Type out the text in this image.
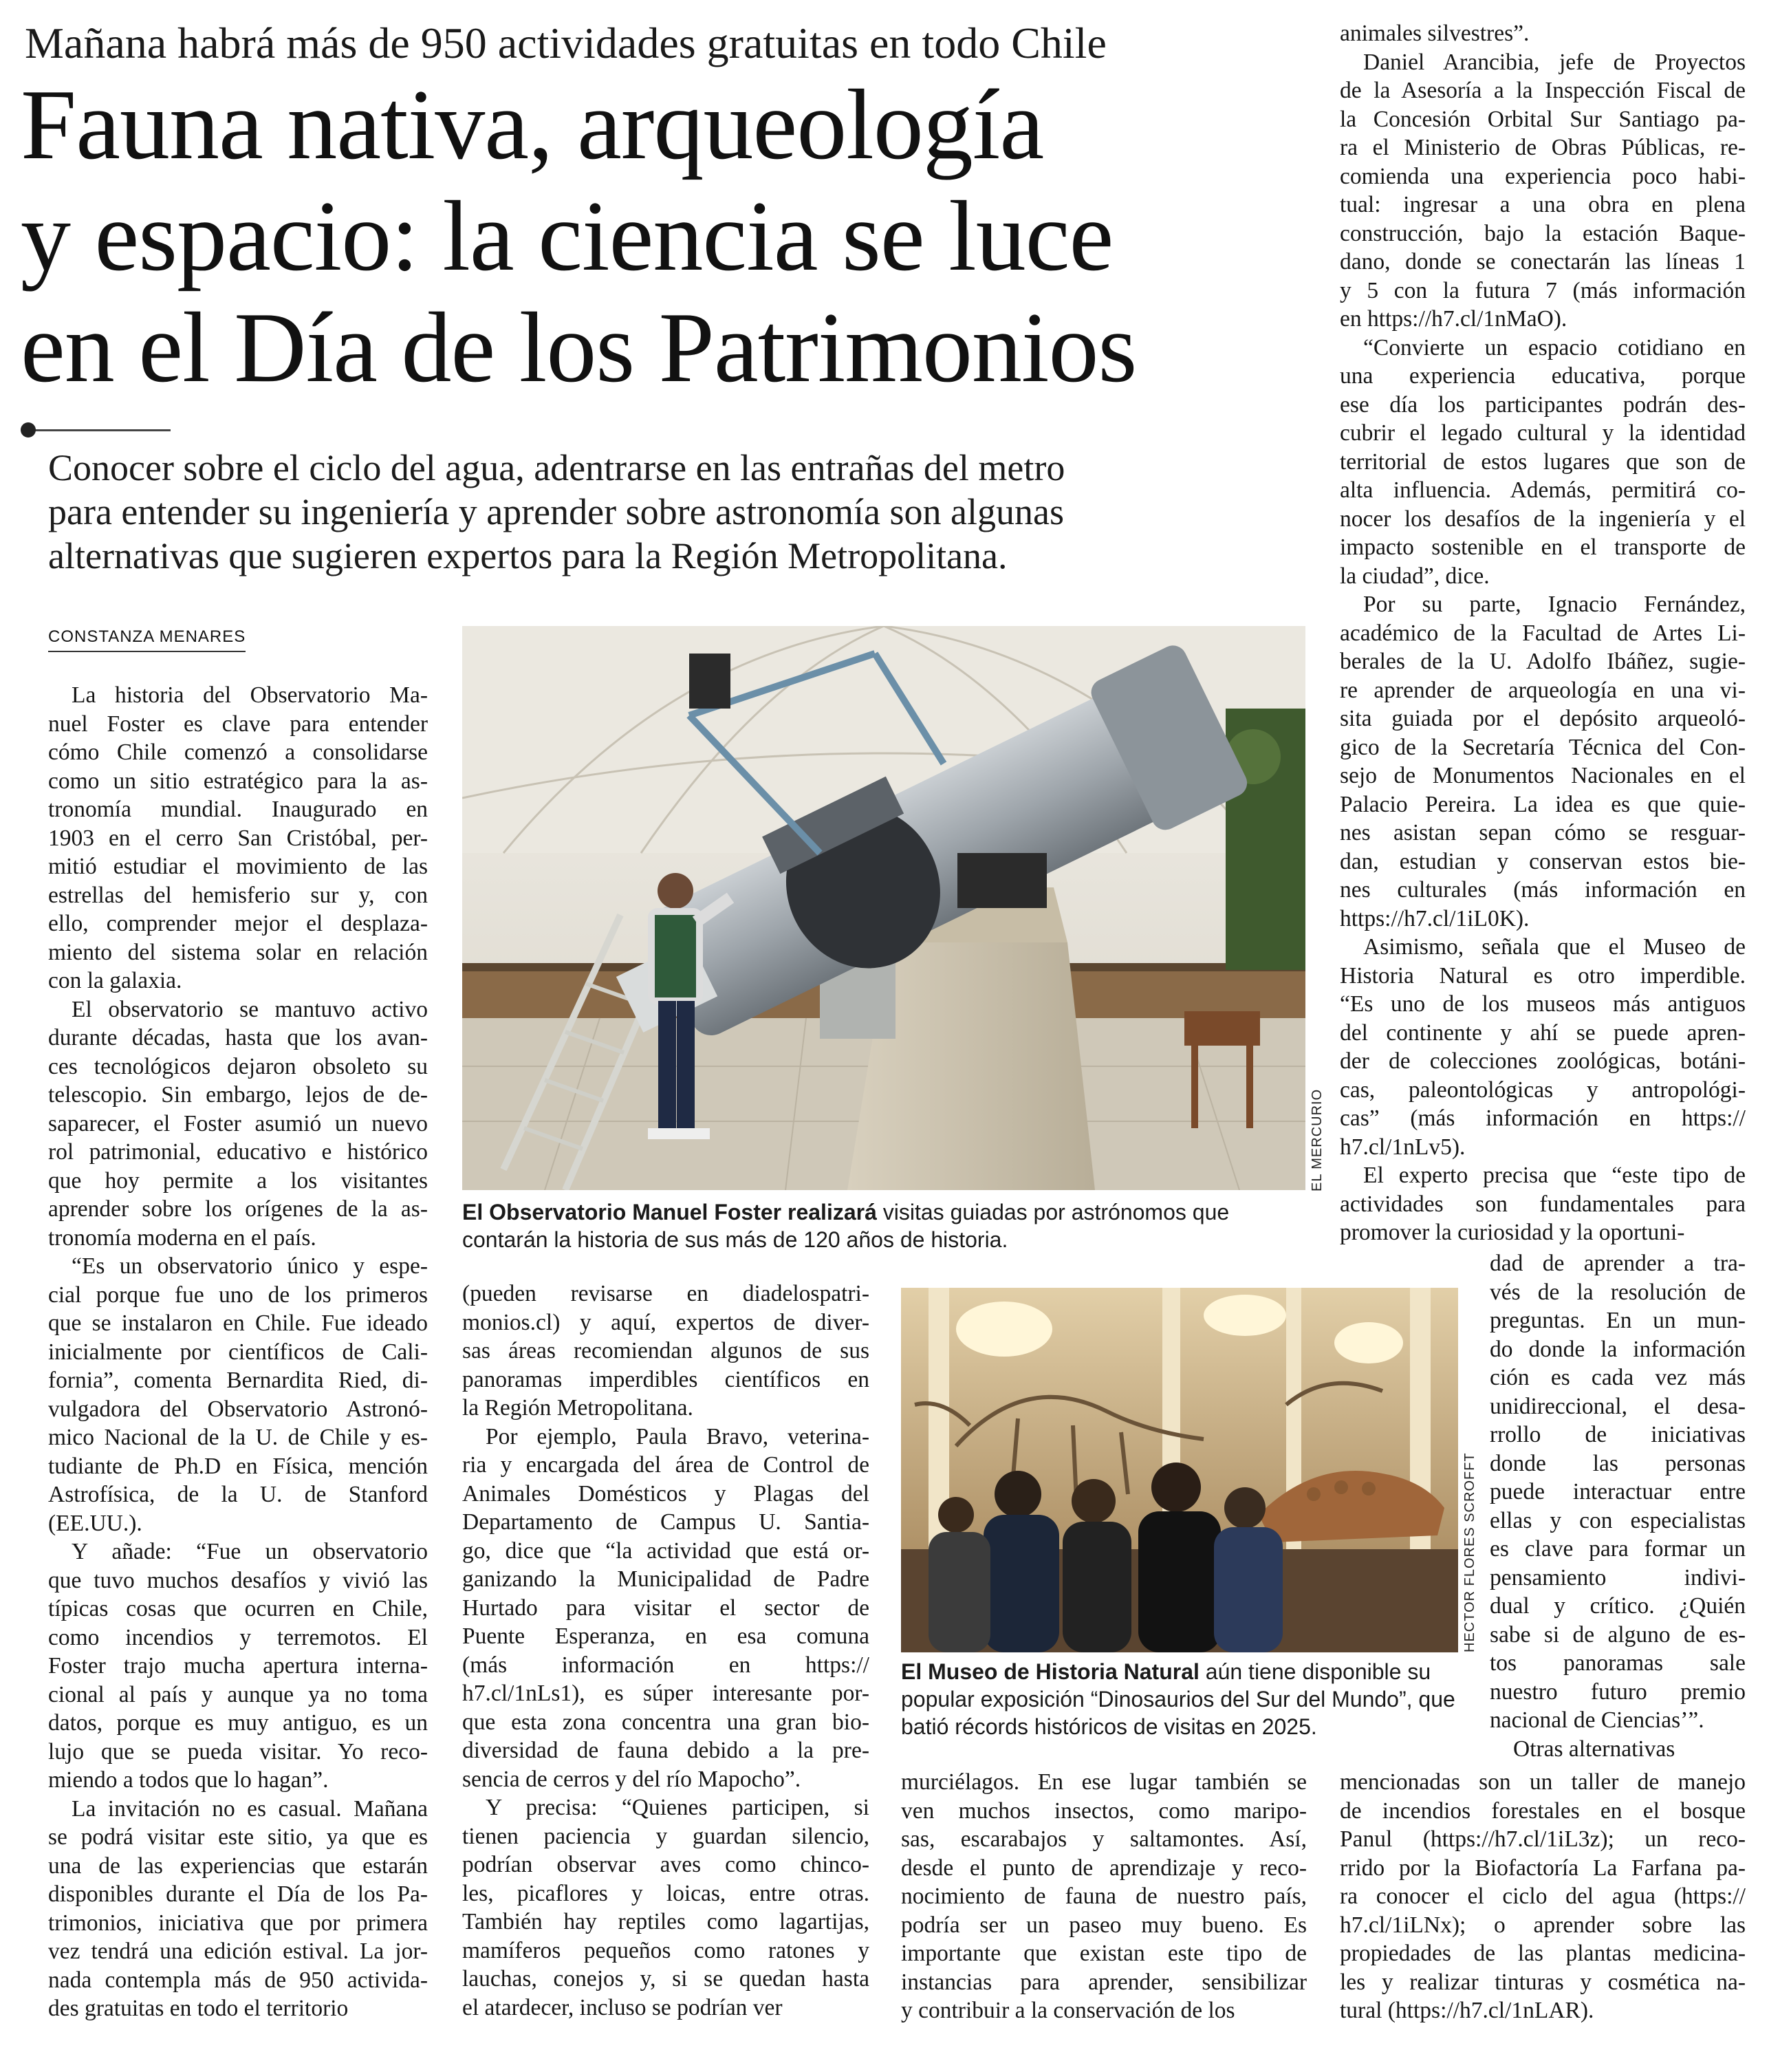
Mañana habrá más de 950 actividades gratuitas en todo Chile
Fauna nativa, arqueología
y espacio: la ciencia se luce
en el Día de los Patrimonios
Conocer sobre el ciclo del agua, adentrarse en las entrañas del metro
para entender su ingeniería y aprender sobre astronomía son algunas
alternativas que sugieren expertos para la Región Metropolitana.
CONSTANZA MENARES
La historia del Observatorio Ma-
nuel Foster es clave para entender
cómo Chile comenzó a consolidarse
como un sitio estratégico para la as-
tronomía mundial. Inaugurado en
1903 en el cerro San Cristóbal, per-
mitió estudiar el movimiento de las
estrellas del hemisferio sur y, con
ello, comprender mejor el desplaza-
miento del sistema solar en relación
con la galaxia.
El observatorio se mantuvo activo
durante décadas, hasta que los avan-
ces tecnológicos dejaron obsoleto su
telescopio. Sin embargo, lejos de de-
saparecer, el Foster asumió un nuevo
rol patrimonial, educativo e histórico
que hoy permite a los visitantes
aprender sobre los orígenes de la as-
tronomía moderna en el país.
“Es un observatorio único y espe-
cial porque fue uno de los primeros
que se instalaron en Chile. Fue ideado
inicialmente por científicos de Cali-
fornia”, comenta Bernardita Ried, di-
vulgadora del Observatorio Astronó-
mico Nacional de la U. de Chile y es-
tudiante de Ph.D en Física, mención
Astrofísica, de la U. de Stanford
(EE.UU.).
Y añade: “Fue un observatorio
que tuvo muchos desafíos y vivió las
típicas cosas que ocurren en Chile,
como incendios y terremotos. El
Foster trajo mucha apertura interna-
cional al país y aunque ya no toma
datos, porque es muy antiguo, es un
lujo que se pueda visitar. Yo reco-
miendo a todos que lo hagan”.
La invitación no es casual. Mañana
se podrá visitar este sitio, ya que es
una de las experiencias que estarán
disponibles durante el Día de los Pa-
trimonios, iniciativa que por primera
vez tendrá una edición estival. La jor-
nada contempla más de 950 activida-
des gratuitas en todo el territorio
(pueden revisarse en diadelospatri-
monios.cl) y aquí, expertos de diver-
sas áreas recomiendan algunos de sus
panoramas imperdibles científicos en
la Región Metropolitana.
Por ejemplo, Paula Bravo, veterina-
ria y encargada del área de Control de
Animales Domésticos y Plagas del
Departamento de Campus U. Santia-
go, dice que “la actividad que está or-
ganizando la Municipalidad de Padre
Hurtado para visitar el sector de
Puente Esperanza, en esa comuna
(más información en https://
h7.cl/1nLs1), es súper interesante por-
que esta zona concentra una gran bio-
diversidad de fauna debido a la pre-
sencia de cerros y del río Mapocho”.
Y precisa: “Quienes participen, si
tienen paciencia y guardan silencio,
podrían observar aves como chinco-
les, picaflores y loicas, entre otras.
También hay reptiles como lagartijas,
mamíferos pequeños como ratones y
lauchas, conejos y, si se quedan hasta
el atardecer, incluso se podrían ver
murciélagos. En ese lugar también se
ven muchos insectos, como maripo-
sas, escarabajos y saltamontes. Así,
desde el punto de aprendizaje y reco-
nocimiento de fauna de nuestro país,
podría ser un paseo muy bueno. Es
importante que existan este tipo de
instancias para aprender, sensibilizar
y contribuir a la conservación de los
animales silvestres”.
Daniel Arancibia, jefe de Proyectos
de la Asesoría a la Inspección Fiscal de
la Concesión Orbital Sur Santiago pa-
ra el Ministerio de Obras Públicas, re-
comienda una experiencia poco habi-
tual: ingresar a una obra en plena
construcción, bajo la estación Baque-
dano, donde se conectarán las líneas 1
y 5 con la futura 7 (más información
en https://h7.cl/1nMaO).
“Convierte un espacio cotidiano en
una experiencia educativa, porque
ese día los participantes podrán des-
cubrir el legado cultural y la identidad
territorial de estos lugares que son de
alta influencia. Además, permitirá co-
nocer los desafíos de la ingeniería y el
impacto sostenible en el transporte de
la ciudad”, dice.
Por su parte, Ignacio Fernández,
académico de la Facultad de Artes Li-
berales de la U. Adolfo Ibáñez, sugie-
re aprender de arqueología en una vi-
sita guiada por el depósito arqueoló-
gico de la Secretaría Técnica del Con-
sejo de Monumentos Nacionales en el
Palacio Pereira. La idea es que quie-
nes asistan sepan cómo se resguar-
dan, estudian y conservan estos bie-
nes culturales (más información en
https://h7.cl/1iL0K).
Asimismo, señala que el Museo de
Historia Natural es otro imperdible.
“Es uno de los museos más antiguos
del continente y ahí se puede apren-
der de colecciones zoológicas, botáni-
cas, paleontológicas y antropológi-
cas” (más información en https://
h7.cl/1nLv5).
El experto precisa que “este tipo de
actividades son fundamentales para
promover la curiosidad y la oportuni-
dad de aprender a tra-
vés de la resolución de
preguntas. En un mun-
do donde la información
ción es cada vez más
unidireccional, el desa-
rrollo de iniciativas
donde las personas
puede interactuar entre
ellas y con especialistas
es clave para formar un
pensamiento indivi-
dual y crítico. ¿Quién
sabe si de alguno de es-
tos panoramas sale
nuestro futuro premio
nacional de Ciencias’”.
Otras alternativas
mencionadas son un taller de manejo
de incendios forestales en el bosque
Panul (https://h7.cl/1iL3z); un reco-
rrido por la Biofactoría La Farfana pa-
ra conocer el ciclo del agua (https://
h7.cl/1iLNx); o aprender sobre las
propiedades de las plantas medicina-
les y realizar tinturas y cosmética na-
tural (https://h7.cl/1nLAR).
EL MERCURIO
El Observatorio Manuel Foster realizará visitas guiadas por astrónomos que
contarán la historia de sus más de 120 años de historia.
HECTOR FLORES SCROFFT
El Museo de Historia Natural aún tiene disponible su
popular exposición “Dinosaurios del Sur del Mundo”, que
batió récords históricos de visitas en 2025.
